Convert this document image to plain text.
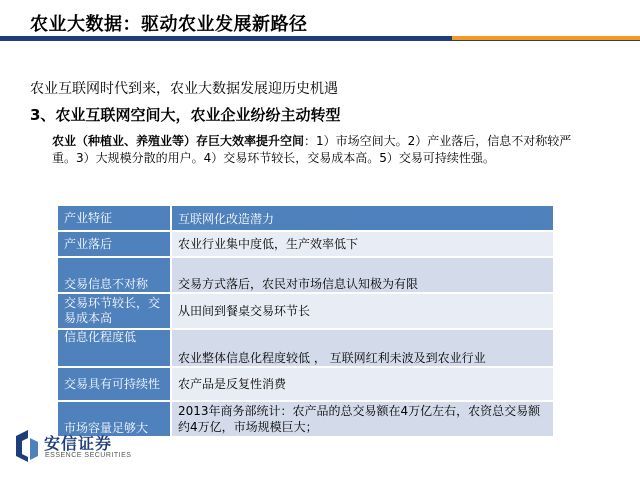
农业大数据：驱动农业发展新路径
农业互联网时代到来，农业大数据发展迎历史机遇
3、农业互联网空间大，农业企业纷纷主动转型
农业（种植业、养殖业等）存巨大效率提升空间：1）市场空间大。2）产业落后，信息不对称较严重。3）大规模分散的用户。4）交易环节较长，交易成本高。5）交易可持续性强。
产业特征	互联网化改造潜力
产业落后	农业行业集中度低，生产效率低下
交易信息不对称	交易方式落后，农民对市场信息认知极为有限
交易环节较长，交易成本高	从田间到餐桌交易环节长
信息化程度低	农业整体信息化程度较低 ， 互联网红利未波及到农业行业
交易具有可持续性	农产品是反复性消费
市场容量足够大	2013年商务部统计：农产品的总交易额在4万亿左右，农资总交易额约4万亿，市场规模巨大；
安信证券
ESSENCE SECURITIES
